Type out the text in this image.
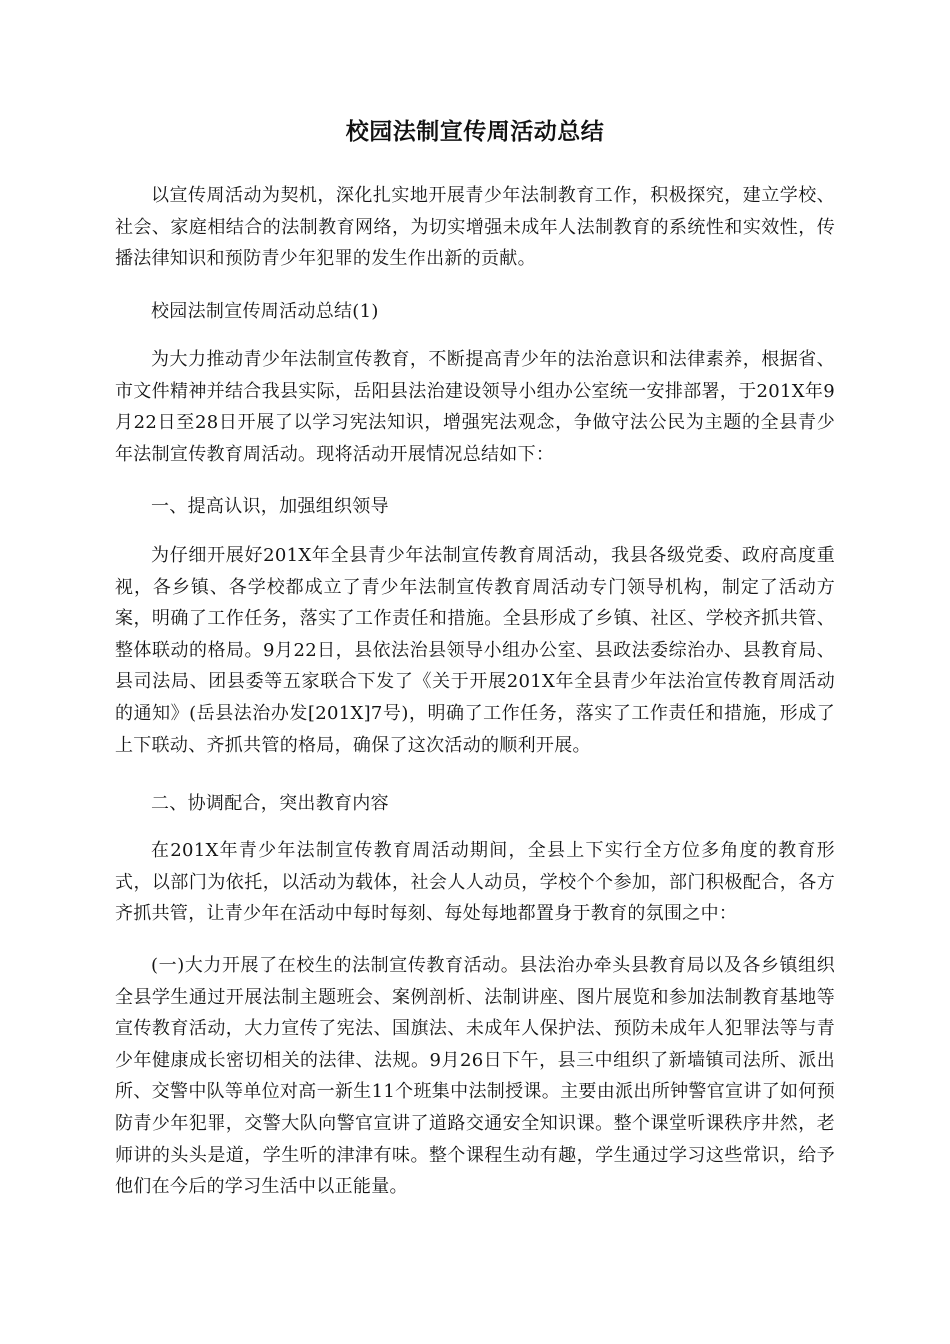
校园法制宣传周活动总结

以宣传周活动为契机，深化扎实地开展青少年法制教育工作，积极探究，建立学校、社会、家庭相结合的法制教育网络，为切实增强未成年人法制教育的系统性和实效性，传播法律知识和预防青少年犯罪的发生作出新的贡献。

校园法制宣传周活动总结(1)

为大力推动青少年法制宣传教育，不断提高青少年的法治意识和法律素养，根据省、市文件精神并结合我县实际，岳阳县法治建设领导小组办公室统一安排部署，于201X年9月22日至28日开展了以学习宪法知识，增强宪法观念，争做守法公民为主题的全县青少年法制宣传教育周活动。现将活动开展情况总结如下：

一、提高认识，加强组织领导

为仔细开展好201X年全县青少年法制宣传教育周活动，我县各级党委、政府高度重视，各乡镇、各学校都成立了青少年法制宣传教育周活动专门领导机构，制定了活动方案，明确了工作任务，落实了工作责任和措施。全县形成了乡镇、社区、学校齐抓共管、整体联动的格局。9月22日，县依法治县领导小组办公室、县政法委综治办、县教育局、县司法局、团县委等五家联合下发了《关于开展201X年全县青少年法治宣传教育周活动的通知》(岳县法治办发[201X]7号)，明确了工作任务，落实了工作责任和措施，形成了上下联动、齐抓共管的格局，确保了这次活动的顺利开展。

二、协调配合，突出教育内容

在201X年青少年法制宣传教育周活动期间，全县上下实行全方位多角度的教育形式，以部门为依托，以活动为载体，社会人人动员，学校个个参加，部门积极配合，各方齐抓共管，让青少年在活动中每时每刻、每处每地都置身于教育的氛围之中：

(一)大力开展了在校生的法制宣传教育活动。县法治办牵头县教育局以及各乡镇组织全县学生通过开展法制主题班会、案例剖析、法制讲座、图片展览和参加法制教育基地等宣传教育活动，大力宣传了宪法、国旗法、未成年人保护法、预防未成年人犯罪法等与青少年健康成长密切相关的法律、法规。9月26日下午，县三中组织了新墙镇司法所、派出所、交警中队等单位对高一新生11个班集中法制授课。主要由派出所钟警官宣讲了如何预防青少年犯罪，交警大队向警官宣讲了道路交通安全知识课。整个课堂听课秩序井然，老师讲的头头是道，学生听的津津有味。整个课程生动有趣，学生通过学习这些常识，给予他们在今后的学习生活中以正能量。
